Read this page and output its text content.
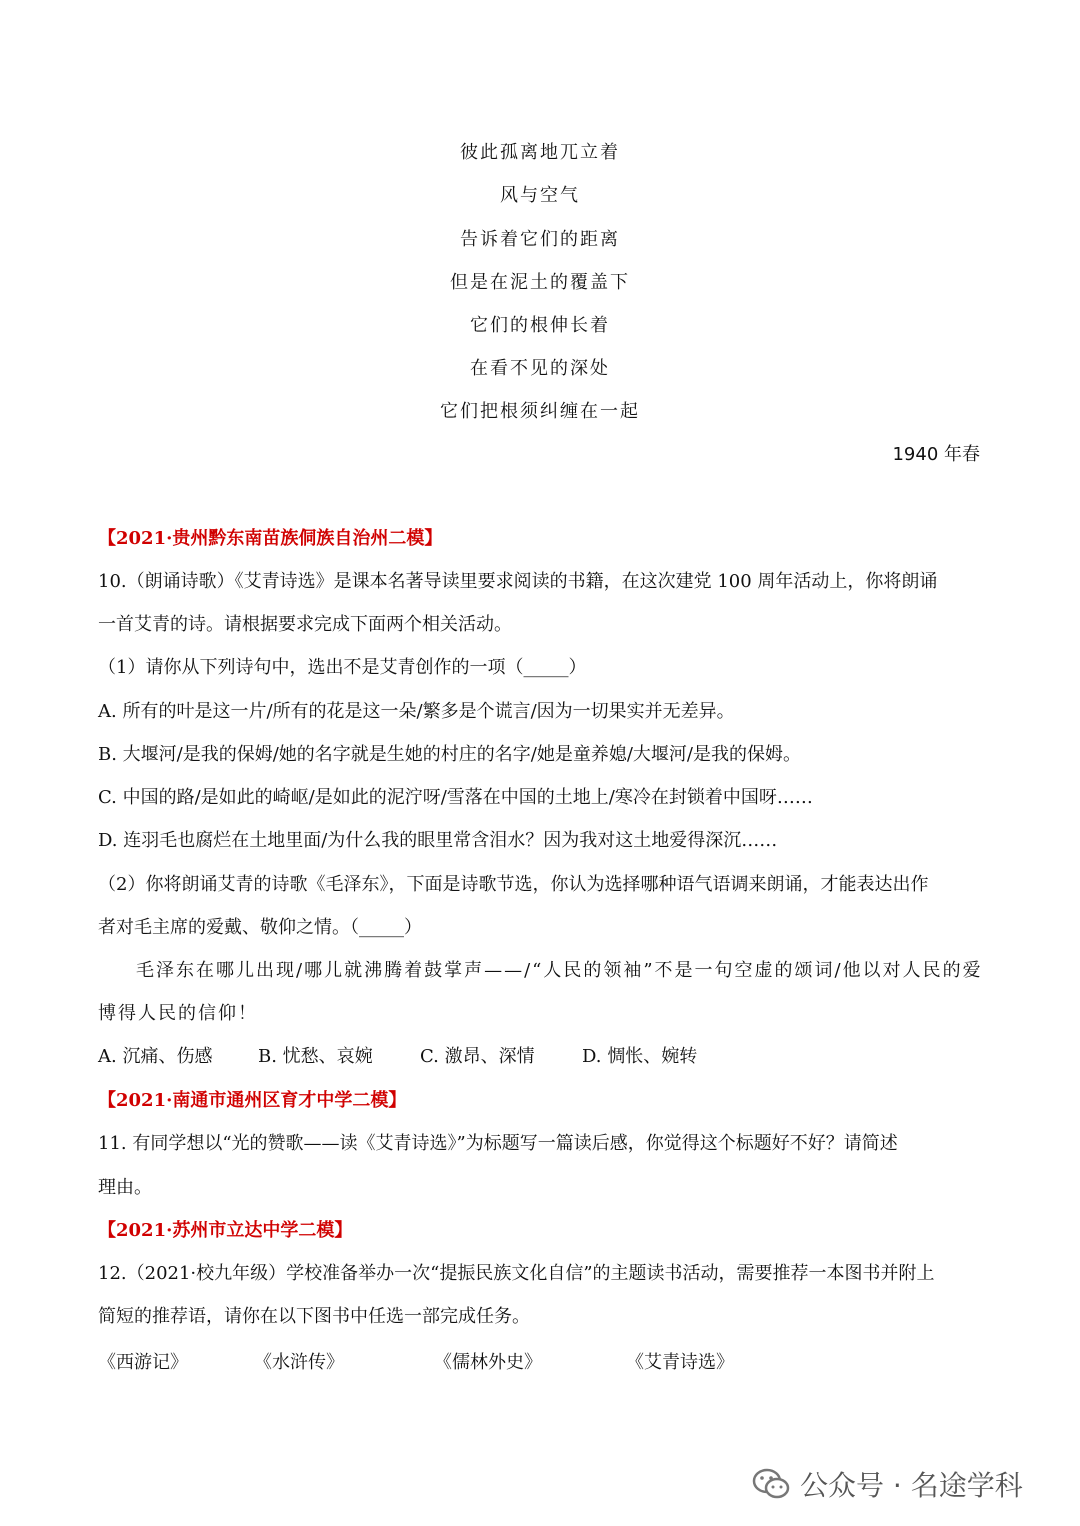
彼此孤离地兀立着
风与空气
告诉着它们的距离
但是在泥土的覆盖下
它们的根伸长着
在看不见的深处
它们把根须纠缠在一起
1940 年春
【2021·贵州黔东南苗族侗族自治州二模】
10.（朗诵诗歌）《艾青诗选》是课本名著导读里要求阅读的书籍，在这次建党 100 周年活动上，你将朗诵
一首艾青的诗。请根据要求完成下面两个相关活动。
（1）请你从下列诗句中，选出不是艾青创作的一项（_____）
A. 所有的叶是这一片/所有的花是这一朵/繁多是个谎言/因为一切果实并无差异。
B. 大堰河/是我的保姆/她的名字就是生她的村庄的名字/她是童养媳/大堰河/是我的保姆。
C. 中国的路/是如此的崎岖/是如此的泥泞呀/雪落在中国的土地上/寒冷在封锁着中国呀……
D. 连羽毛也腐烂在土地里面/为什么我的眼里常含泪水？因为我对这土地爱得深沉……
（2）你将朗诵艾青的诗歌《毛泽东》，下面是诗歌节选，你认为选择哪种语气语调来朗诵，才能表达出作
者对毛主席的爱戴、敬仰之情。（_____）
毛泽东在哪儿出现/哪儿就沸腾着鼓掌声——/“人民的领袖”不是一句空虚的颂词/他以对人民的爱
博得人民的信仰！
A. 沉痛、伤感	B. 忧愁、哀婉	C. 激昂、深情	D. 惆怅、婉转
【2021·南通市通州区育才中学二模】
11. 有同学想以“光的赞歌——读《艾青诗选》”为标题写一篇读后感，你觉得这个标题好不好？请简述
理由。
【2021·苏州市立达中学二模】
12.（2021·校九年级）学校准备举办一次“提振民族文化自信”的主题读书活动，需要推荐一本图书并附上
简短的推荐语，请你在以下图书中任选一部完成任务。
《西游记》	《水浒传》	《儒林外史》	《艾青诗选》
公众号 · 名途学科
